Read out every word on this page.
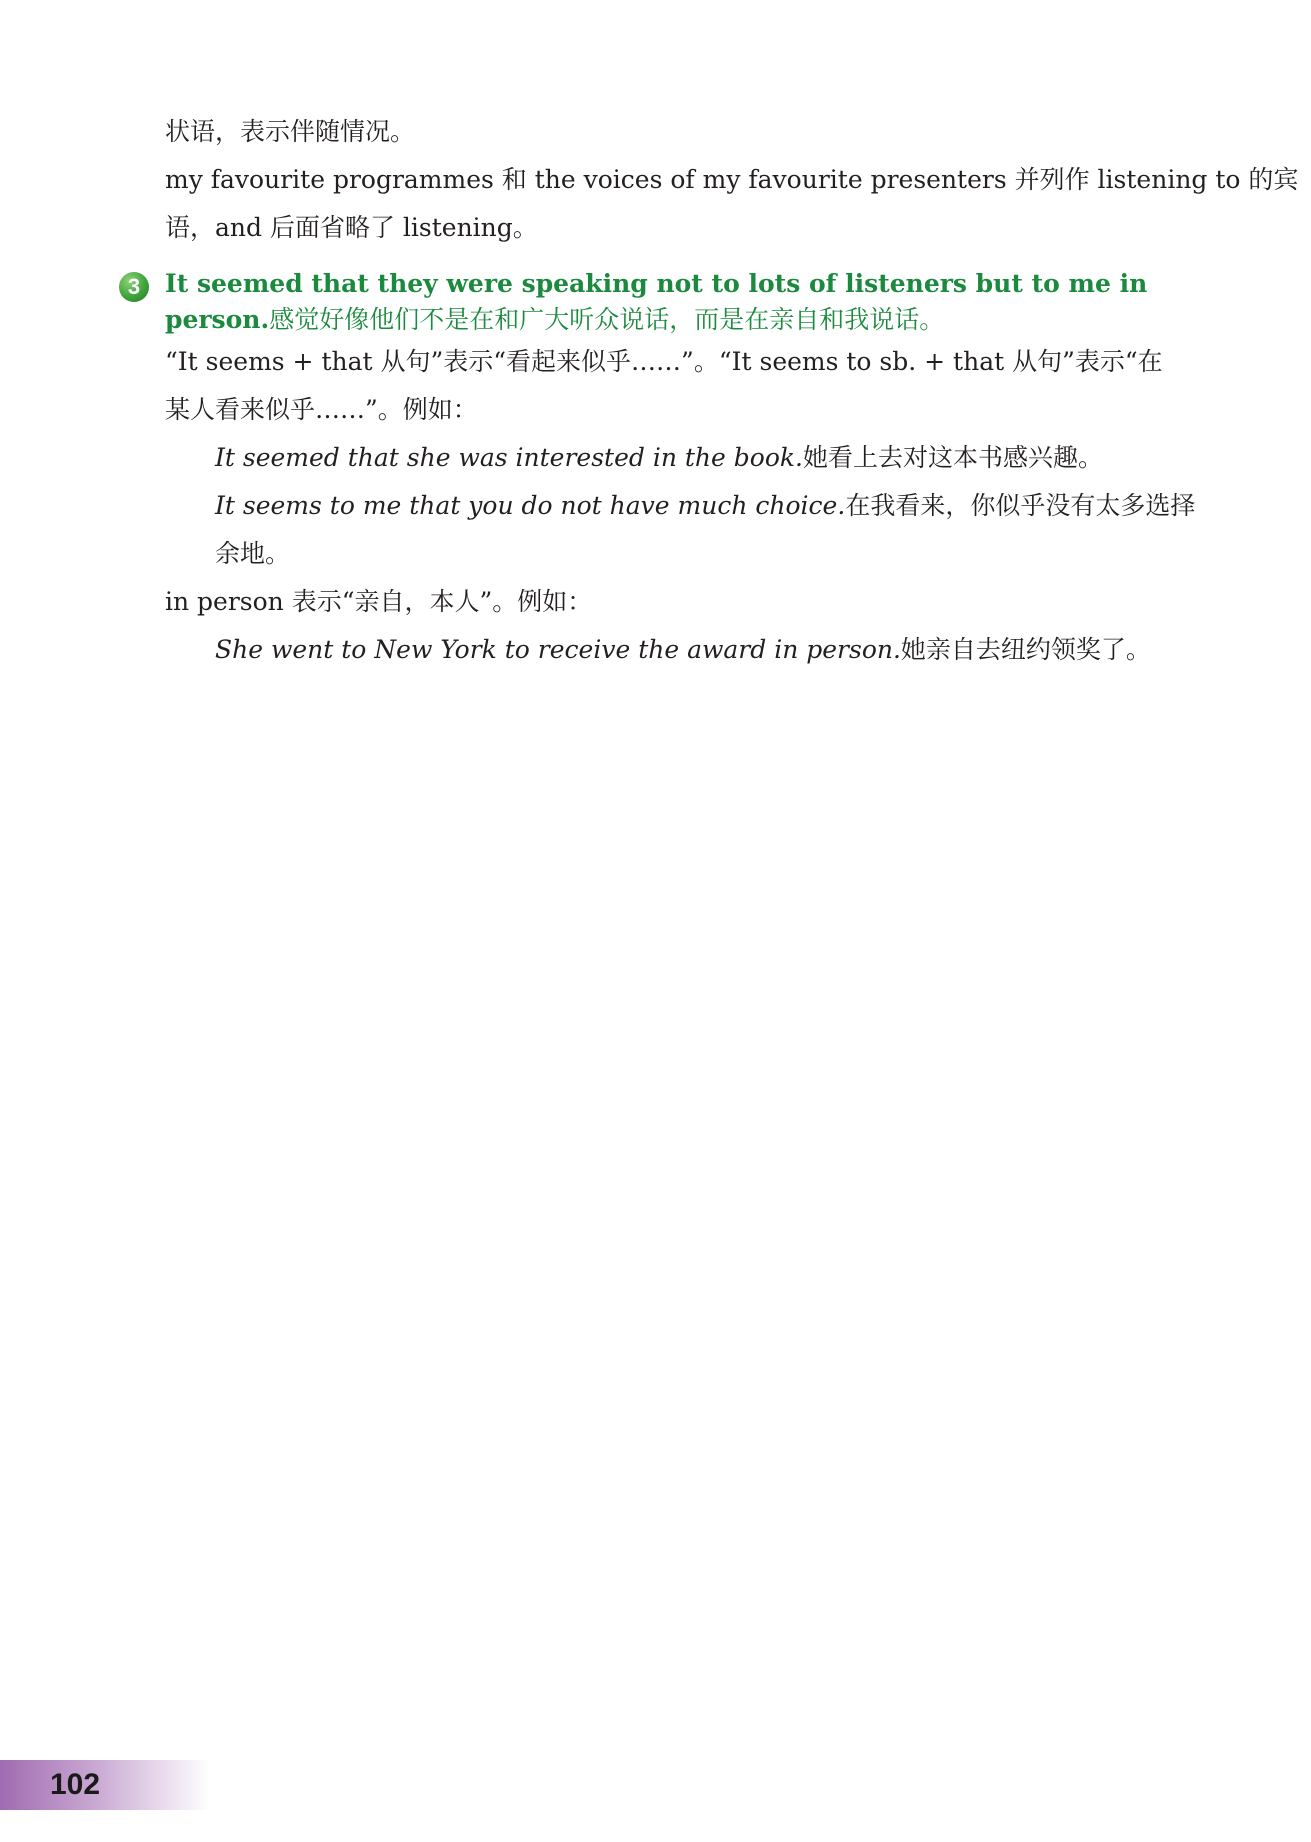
状语，表示伴随情况。

my favourite programmes 和 the voices of my favourite presenters 并列作 listening to 的宾

语，and 后面省略了 listening。

3 It seemed that they were speaking not to lots of listeners but to me in person.感觉好像他们不是在和广大听众说话，而是在亲自和我说话。

“It seems + that 从句”表示“看起来似乎……”。“It seems to sb. + that 从句”表示“在

某人看来似乎……”。例如：

It seemed that she was interested in the book.她看上去对这本书感兴趣。

It seems to me that you do not have much choice.在我看来，你似乎没有太多选择

余地。

in person 表示“亲自，本人”。例如：

She went to New York to receive the award in person.她亲自去纽约领奖了。

102
